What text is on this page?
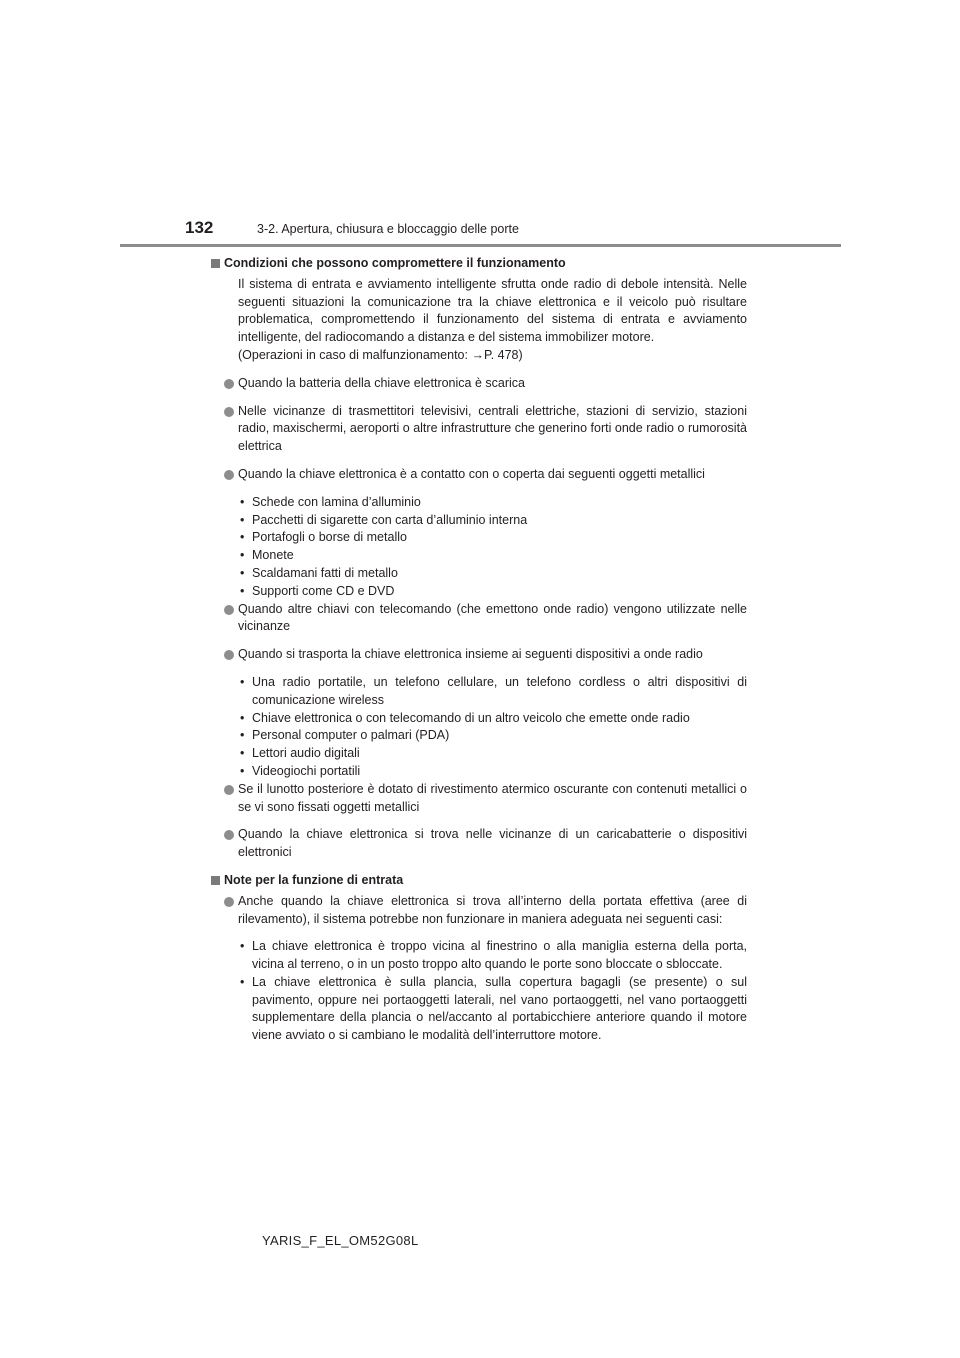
132	3-2. Apertura, chiusura e bloccaggio delle porte
Condizioni che possono compromettere il funzionamento

Il sistema di entrata e avviamento intelligente sfrutta onde radio di debole intensità. Nelle seguenti situazioni la comunicazione tra la chiave elettronica e il veicolo può risultare problematica, compromettendo il funzionamento del sistema di entrata e avviamento intelligente, del radiocomando a distanza e del sistema immobilizer motore.

(Operazioni in caso di malfunzionamento: →P. 478)

Quando la batteria della chiave elettronica è scarica
Nelle vicinanze di trasmettitori televisivi, centrali elettriche, stazioni di servizio, stazioni radio, maxischermi, aeroporti o altre infrastrutture che generino forti onde radio o rumorosità elettrica
Quando la chiave elettronica è a contatto con o coperta dai seguenti oggetti metallici
• Schede con lamina d’alluminio
• Pacchetti di sigarette con carta d’alluminio interna
• Portafogli o borse di metallo
• Monete
• Scaldamani fatti di metallo
• Supporti come CD e DVD
Quando altre chiavi con telecomando (che emettono onde radio) vengono utilizzate nelle vicinanze
Quando si trasporta la chiave elettronica insieme ai seguenti dispositivi a onde radio
• Una radio portatile, un telefono cellulare, un telefono cordless o altri dispositivi di comunicazione wireless
• Chiave elettronica o con telecomando di un altro veicolo che emette onde radio
• Personal computer o palmari (PDA)
• Lettori audio digitali
• Videogiochi portatili
Se il lunotto posteriore è dotato di rivestimento atermico oscurante con contenuti metallici o se vi sono fissati oggetti metallici
Quando la chiave elettronica si trova nelle vicinanze di un caricabatterie o dispositivi elettronici
Note per la funzione di entrata
Anche quando la chiave elettronica si trova all’interno della portata effettiva (aree di rilevamento), il sistema potrebbe non funzionare in maniera adeguata nei seguenti casi:
• La chiave elettronica è troppo vicina al finestrino o alla maniglia esterna della porta, vicina al terreno, o in un posto troppo alto quando le porte sono bloccate o sbloccate.
• La chiave elettronica è sulla plancia, sulla copertura bagagli (se presente) o sul pavimento, oppure nei portaoggetti laterali, nel vano portaoggetti, nel vano portaoggetti supplementare della plancia o nel/accanto al portabicchiere anteriore quando il motore viene avviato o si cambiano le modalità dell’interruttore motore.
YARIS_F_EL_OM52G08L
